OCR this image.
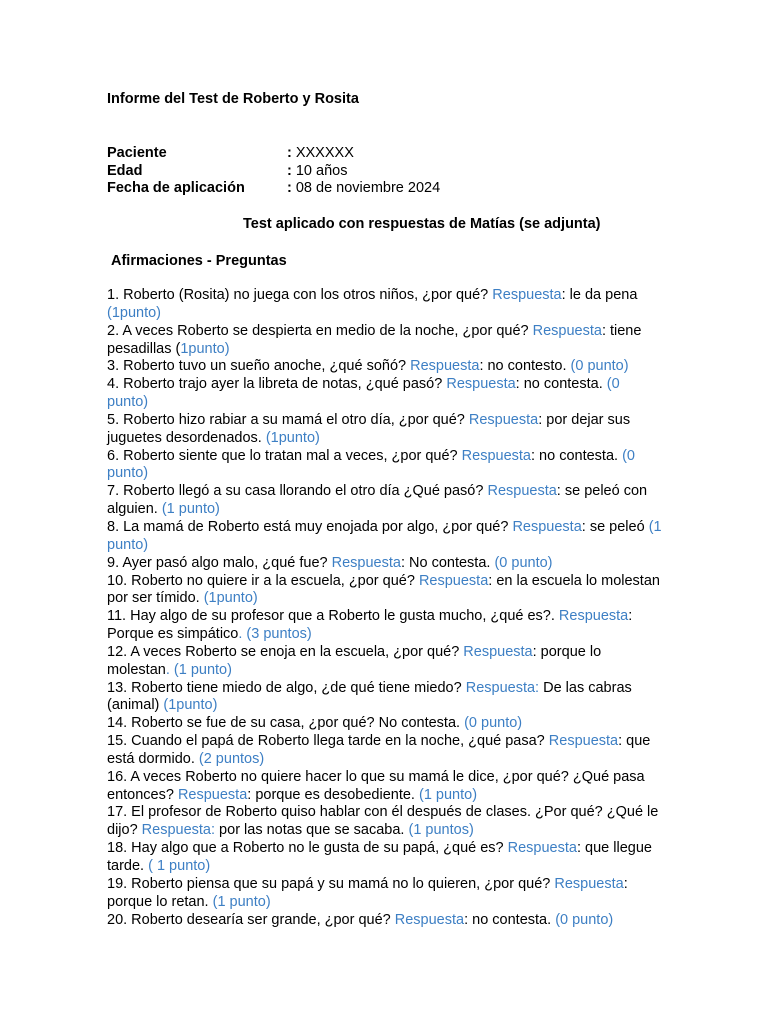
Informe del Test de Roberto y Rosita
Paciente	: XXXXXX
Edad	: 10 años
Fecha de aplicación	: 08 de noviembre 2024
Test aplicado con respuestas de Matías (se adjunta)
Afirmaciones - Preguntas

1. Roberto (Rosita) no juega con los otros niños, ¿por qué? Respuesta: le da pena (1punto)

2. A veces Roberto se despierta en medio de la noche, ¿por qué? Respuesta: tiene pesadillas (1punto)

3. Roberto tuvo un sueño anoche, ¿qué soñó? Respuesta: no contesto. (0 punto)

4. Roberto trajo ayer la libreta de notas, ¿qué pasó? Respuesta: no contesta. (0 punto)

5. Roberto hizo rabiar a su mamá el otro día, ¿por qué? Respuesta: por dejar sus juguetes desordenados. (1punto)

6. Roberto siente que lo tratan mal a veces, ¿por qué? Respuesta: no contesta. (0 punto)

7. Roberto llegó a su casa llorando el otro día ¿Qué pasó? Respuesta: se peleó con alguien. (1 punto)

8. La mamá de Roberto está muy enojada por algo, ¿por qué? Respuesta: se peleó (1 punto)

9. Ayer pasó algo malo, ¿qué fue? Respuesta: No contesta. (0 punto)

10. Roberto no quiere ir a la escuela, ¿por qué? Respuesta: en la escuela lo molestan por ser tímido. (1punto)

11. Hay algo de su profesor que a Roberto le gusta mucho, ¿qué es?. Respuesta: Porque es simpático. (3 puntos)

12. A veces Roberto se enoja en la escuela, ¿por qué? Respuesta: porque lo molestan. (1 punto)

13. Roberto tiene miedo de algo, ¿de qué tiene miedo? Respuesta: De las cabras (animal) (1punto)

14. Roberto se fue de su casa, ¿por qué? No contesta. (0 punto)

15. Cuando el papá de Roberto llega tarde en la noche, ¿qué pasa? Respuesta: que está dormido. (2 puntos)

16. A veces Roberto no quiere hacer lo que su mamá le dice, ¿por qué? ¿Qué pasa entonces? Respuesta: porque es desobediente. (1 punto)

17. El profesor de Roberto quiso hablar con él después de clases. ¿Por qué? ¿Qué le dijo? Respuesta: por las notas que se sacaba. (1 puntos)

18. Hay algo que a Roberto no le gusta de su papá, ¿qué es? Respuesta: que llegue tarde. ( 1 punto)

19. Roberto piensa que su papá y su mamá no lo quieren, ¿por qué? Respuesta: porque lo retan. (1 punto)

20. Roberto desearía ser grande, ¿por qué? Respuesta: no contesta. (0 punto)
